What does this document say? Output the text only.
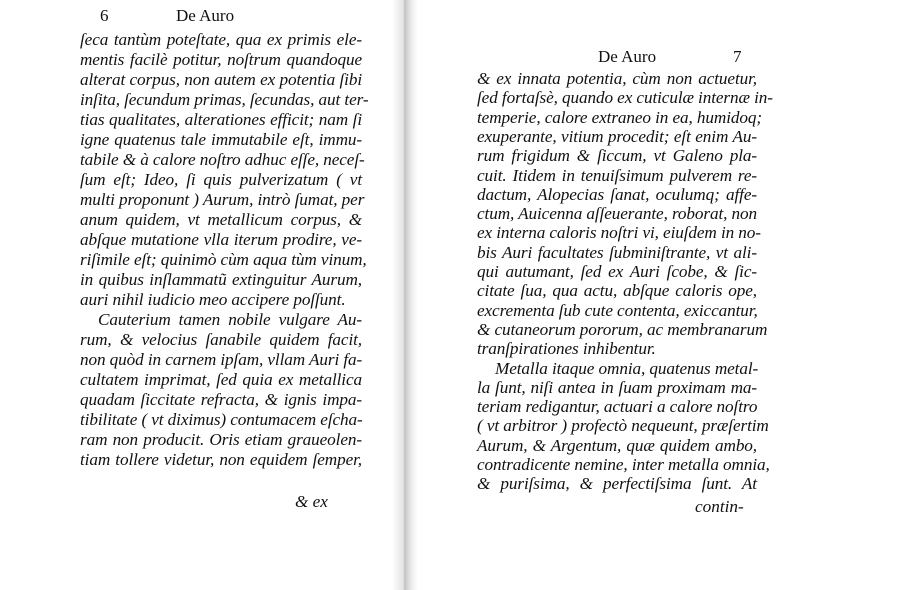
6	De Auro
ſeca tantùm poteſtate, qua ex primis ele-
mentis facilè potitur, noſtrum quandoque
alterat corpus, non autem ex potentia ſibi
inſita, ſecundum primas, ſecundas, aut ter-
tias qualitates, alterationes efficit; nam ſi
igne quatenus tale immutabile eſt, immu-
tabile & à calore noſtro adhuc eſſe, neceſ-
ſum eſt; Ideo, ſi quis pulverizatum ( vt
multi proponunt ) Aurum, intrò ſumat, per
anum quidem, vt metallicum corpus, &
abſque mutatione vlla iterum prodire, ve-
riſimile eſt; quinimò cùm aqua tùm vinum,
in quibus inſlammatũ extinguitur Aurum,
auri nihil iudicio meo accipere poſſunt.
Cauterium tamen nobile vulgare Au-
rum, & velocius ſanabile quidem facit,
non quòd in carnem ipſam, vllam Auri fa-
cultatem imprimat, ſed quia ex metallica
quadam ſiccitate refracta, & ignis impa-
tibilitate ( vt diximus) contumacem eſcha-
ram non producit. Oris etiam graueolen-
tiam tollere videtur, non equidem ſemper,
& ex
De Auro	7
& ex innata potentia, cùm non actuetur,
ſed fortaſsè, quando ex cuticulæ internæ in-
temperie, calore extraneo in ea, humidoq;
exuperante, vitium procedit; eſt enim Au-
rum frigidum & ſiccum, vt Galeno pla-
cuit. Itidem in tenuiſsimum pulverem re-
dactum, Alopecias ſanat, oculumq; affe-
ctum, Auicenna aſſeuerante, roborat, non
ex interna caloris noſtri vi, eiuſdem in no-
bis Auri facultates ſubminiſtrante, vt ali-
qui autumant, ſed ex Auri ſcobe, & ſic-
citate ſua, qua actu, abſque caloris ope,
excrementa ſub cute contenta, exiccantur,
& cutaneorum pororum, ac membranarum
tranſpirationes inhibentur.
Metalla itaque omnia, quatenus metal-
la ſunt, niſi antea in ſuam proximam ma-
teriam redigantur, actuari a calore noſtro
( vt arbitror ) profectò nequeunt, præſertim
Aurum, & Argentum, quæ quidem ambo,
contradicente nemine, inter metalla omnia,
& puriſsima, & perfectiſsima ſunt. At
contin-
